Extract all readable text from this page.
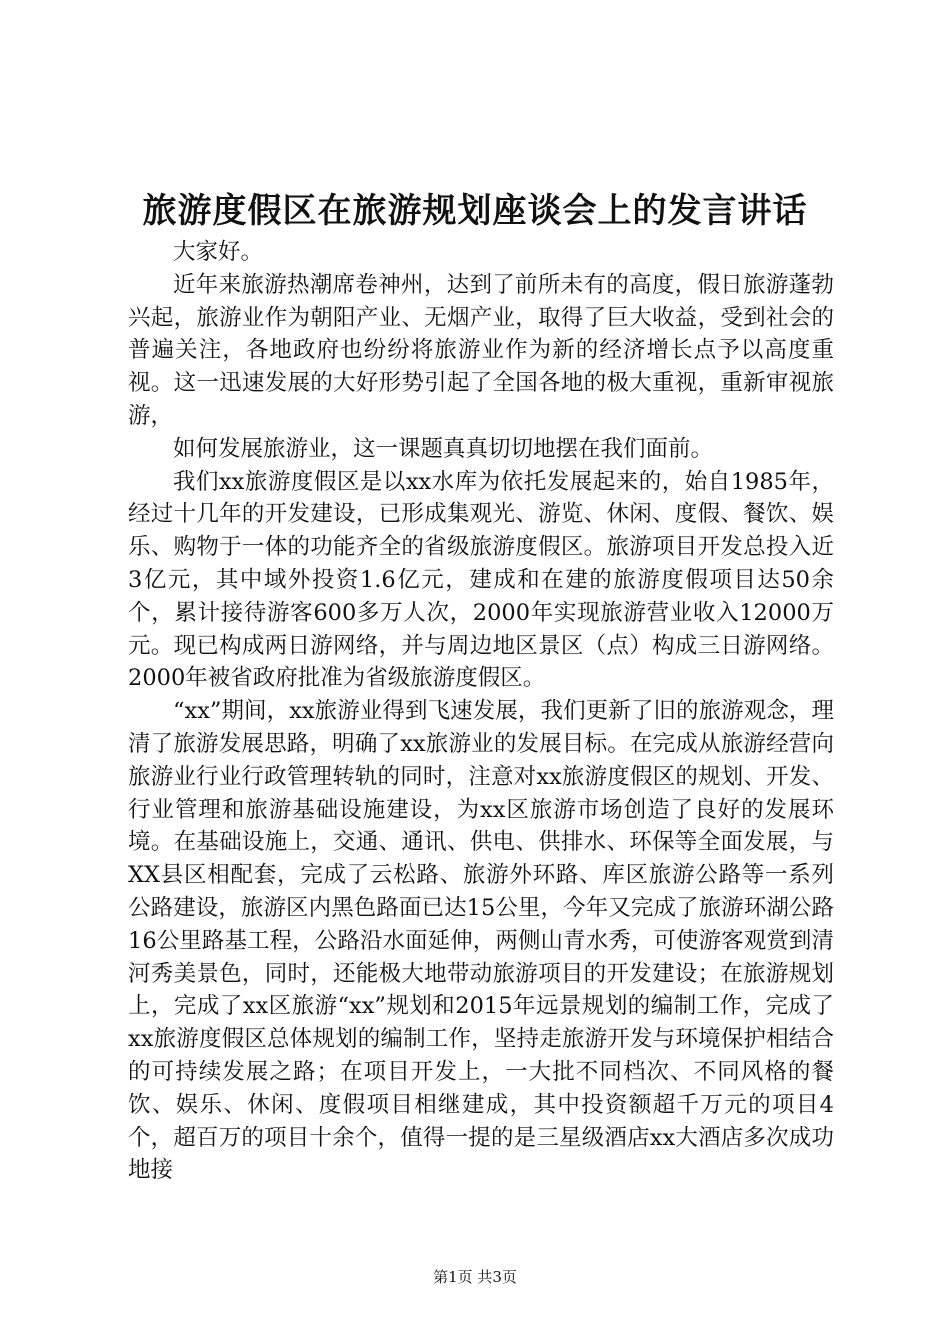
旅游度假区在旅游规划座谈会上的发言讲话

大家好。

近年来旅游热潮席卷神州，达到了前所未有的高度，假日旅游蓬勃兴起，旅游业作为朝阳产业、无烟产业，取得了巨大收益，受到社会的普遍关注，各地政府也纷纷将旅游业作为新的经济增长点予以高度重视。这一迅速发展的大好形势引起了全国各地的极大重视，重新审视旅游，

如何发展旅游业，这一课题真真切切地摆在我们面前。

我们xx旅游度假区是以xx水库为依托发展起来的，始自1985年，经过十几年的开发建设，已形成集观光、游览、休闲、度假、餐饮、娱乐、购物于一体的功能齐全的省级旅游度假区。旅游项目开发总投入近3亿元，其中域外投资1.6亿元，建成和在建的旅游度假项目达50余个，累计接待游客600多万人次，2000年实现旅游营业收入12000万元。现已构成两日游网络，并与周边地区景区（点）构成三日游网络。2000年被省政府批准为省级旅游度假区。

“xx”期间，xx旅游业得到飞速发展，我们更新了旧的旅游观念，理清了旅游发展思路，明确了xx旅游业的发展目标。在完成从旅游经营向旅游业行业行政管理转轨的同时，注意对xx旅游度假区的规划、开发、行业管理和旅游基础设施建设，为xx区旅游市场创造了良好的发展环境。在基础设施上，交通、通讯、供电、供排水、环保等全面发展，与XX县区相配套，完成了云松路、旅游外环路、库区旅游公路等一系列公路建设，旅游区内黑色路面已达15公里，今年又完成了旅游环湖公路16公里路基工程，公路沿水面延伸，两侧山青水秀，可使游客观赏到清河秀美景色，同时，还能极大地带动旅游项目的开发建设；在旅游规划上，完成了xx区旅游“xx”规划和2015年远景规划的编制工作，完成了xx旅游度假区总体规划的编制工作，坚持走旅游开发与环境保护相结合的可持续发展之路；在项目开发上，一大批不同档次、不同风格的餐饮、娱乐、休闲、度假项目相继建成，其中投资额超千万元的项目4个，超百万的项目十余个，值得一提的是三星级酒店xx大酒店多次成功地接

第1页 共3页
